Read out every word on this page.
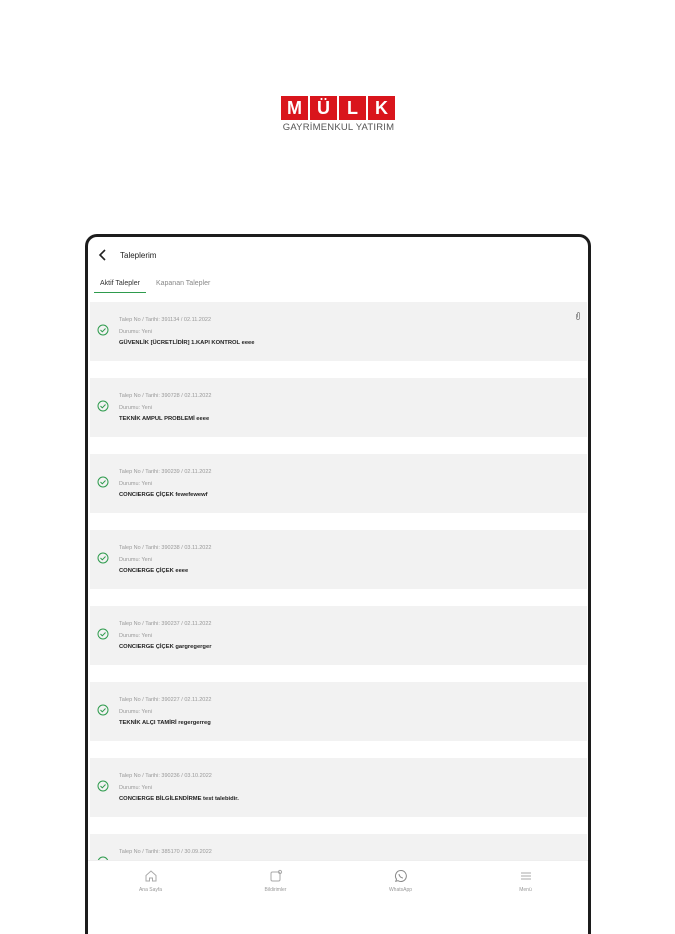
M Ü L K
GAYRİMENKUL YATIRIM
Taleplerim
Aktif Talepler	Kapanan Talepler
Talep No / Tarihi: 391134 / 02.11.2022
Durumu: Yeni
GÜVENLİK [ÜCRETLİDİR] 1.KAPI KONTROL eeee
Talep No / Tarihi: 390728 / 02.11.2022
Durumu: Yeni
TEKNİK AMPUL PROBLEMİ eeee
Talep No / Tarihi: 390239 / 02.11.2022
Durumu: Yeni
CONCIERGE ÇİÇEK fewefewewf
Talep No / Tarihi: 390238 / 03.11.2022
Durumu: Yeni
CONCIERGE ÇİÇEK eeee
Talep No / Tarihi: 390237 / 02.11.2022
Durumu: Yeni
CONCIERGE ÇİÇEK gargregerger
Talep No / Tarihi: 390227 / 02.11.2022
Durumu: Yeni
TEKNİK ALÇI TAMİRİ regergerreg
Talep No / Tarihi: 390236 / 03.10.2022
Durumu: Yeni
CONCIERGE BİLGİLENDİRME test talebidir.
Talep No / Tarihi: 385170 / 30.09.2022
Ana Sayfa	Bildirimler	WhatsApp	Menü
